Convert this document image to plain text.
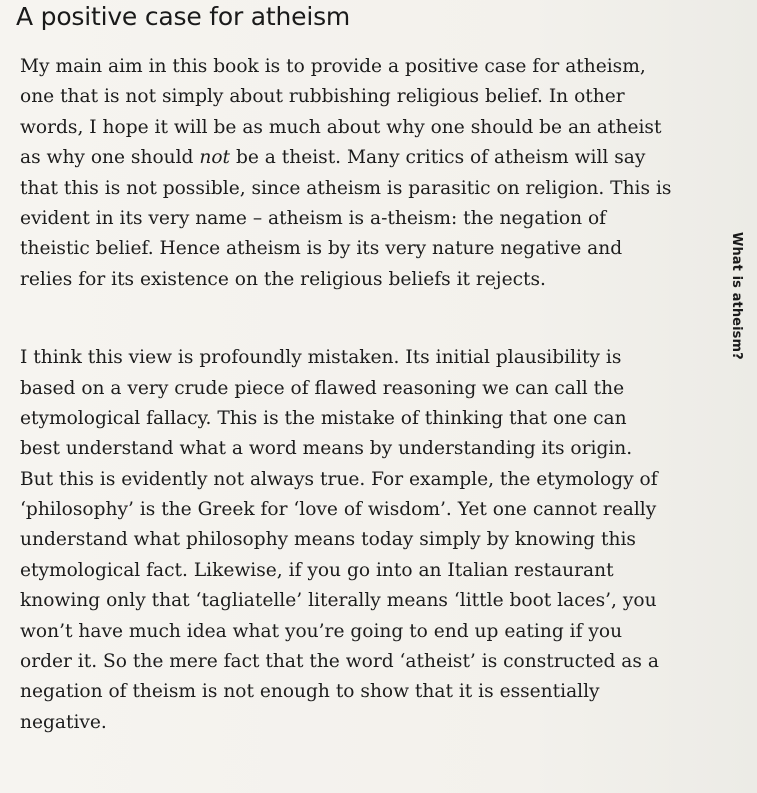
A positive case for atheism

My main aim in this book is to provide a positive case for atheism,
one that is not simply about rubbishing religious belief. In other
words, I hope it will be as much about why one should be an atheist
as why one should not be a theist. Many critics of atheism will say
that this is not possible, since atheism is parasitic on religion. This is
evident in its very name – atheism is a-theism: the negation of
theistic belief. Hence atheism is by its very nature negative and
relies for its existence on the religious beliefs it rejects.

I think this view is profoundly mistaken. Its initial plausibility is
based on a very crude piece of flawed reasoning we can call the
etymological fallacy. This is the mistake of thinking that one can
best understand what a word means by understanding its origin.
But this is evidently not always true. For example, the etymology of
‘philosophy’ is the Greek for ‘love of wisdom’. Yet one cannot really
understand what philosophy means today simply by knowing this
etymological fact. Likewise, if you go into an Italian restaurant
knowing only that ‘tagliatelle’ literally means ‘little boot laces’, you
won’t have much idea what you’re going to end up eating if you
order it. So the mere fact that the word ‘atheist’ is constructed as a
negation of theism is not enough to show that it is essentially
negative.

What is atheism?
